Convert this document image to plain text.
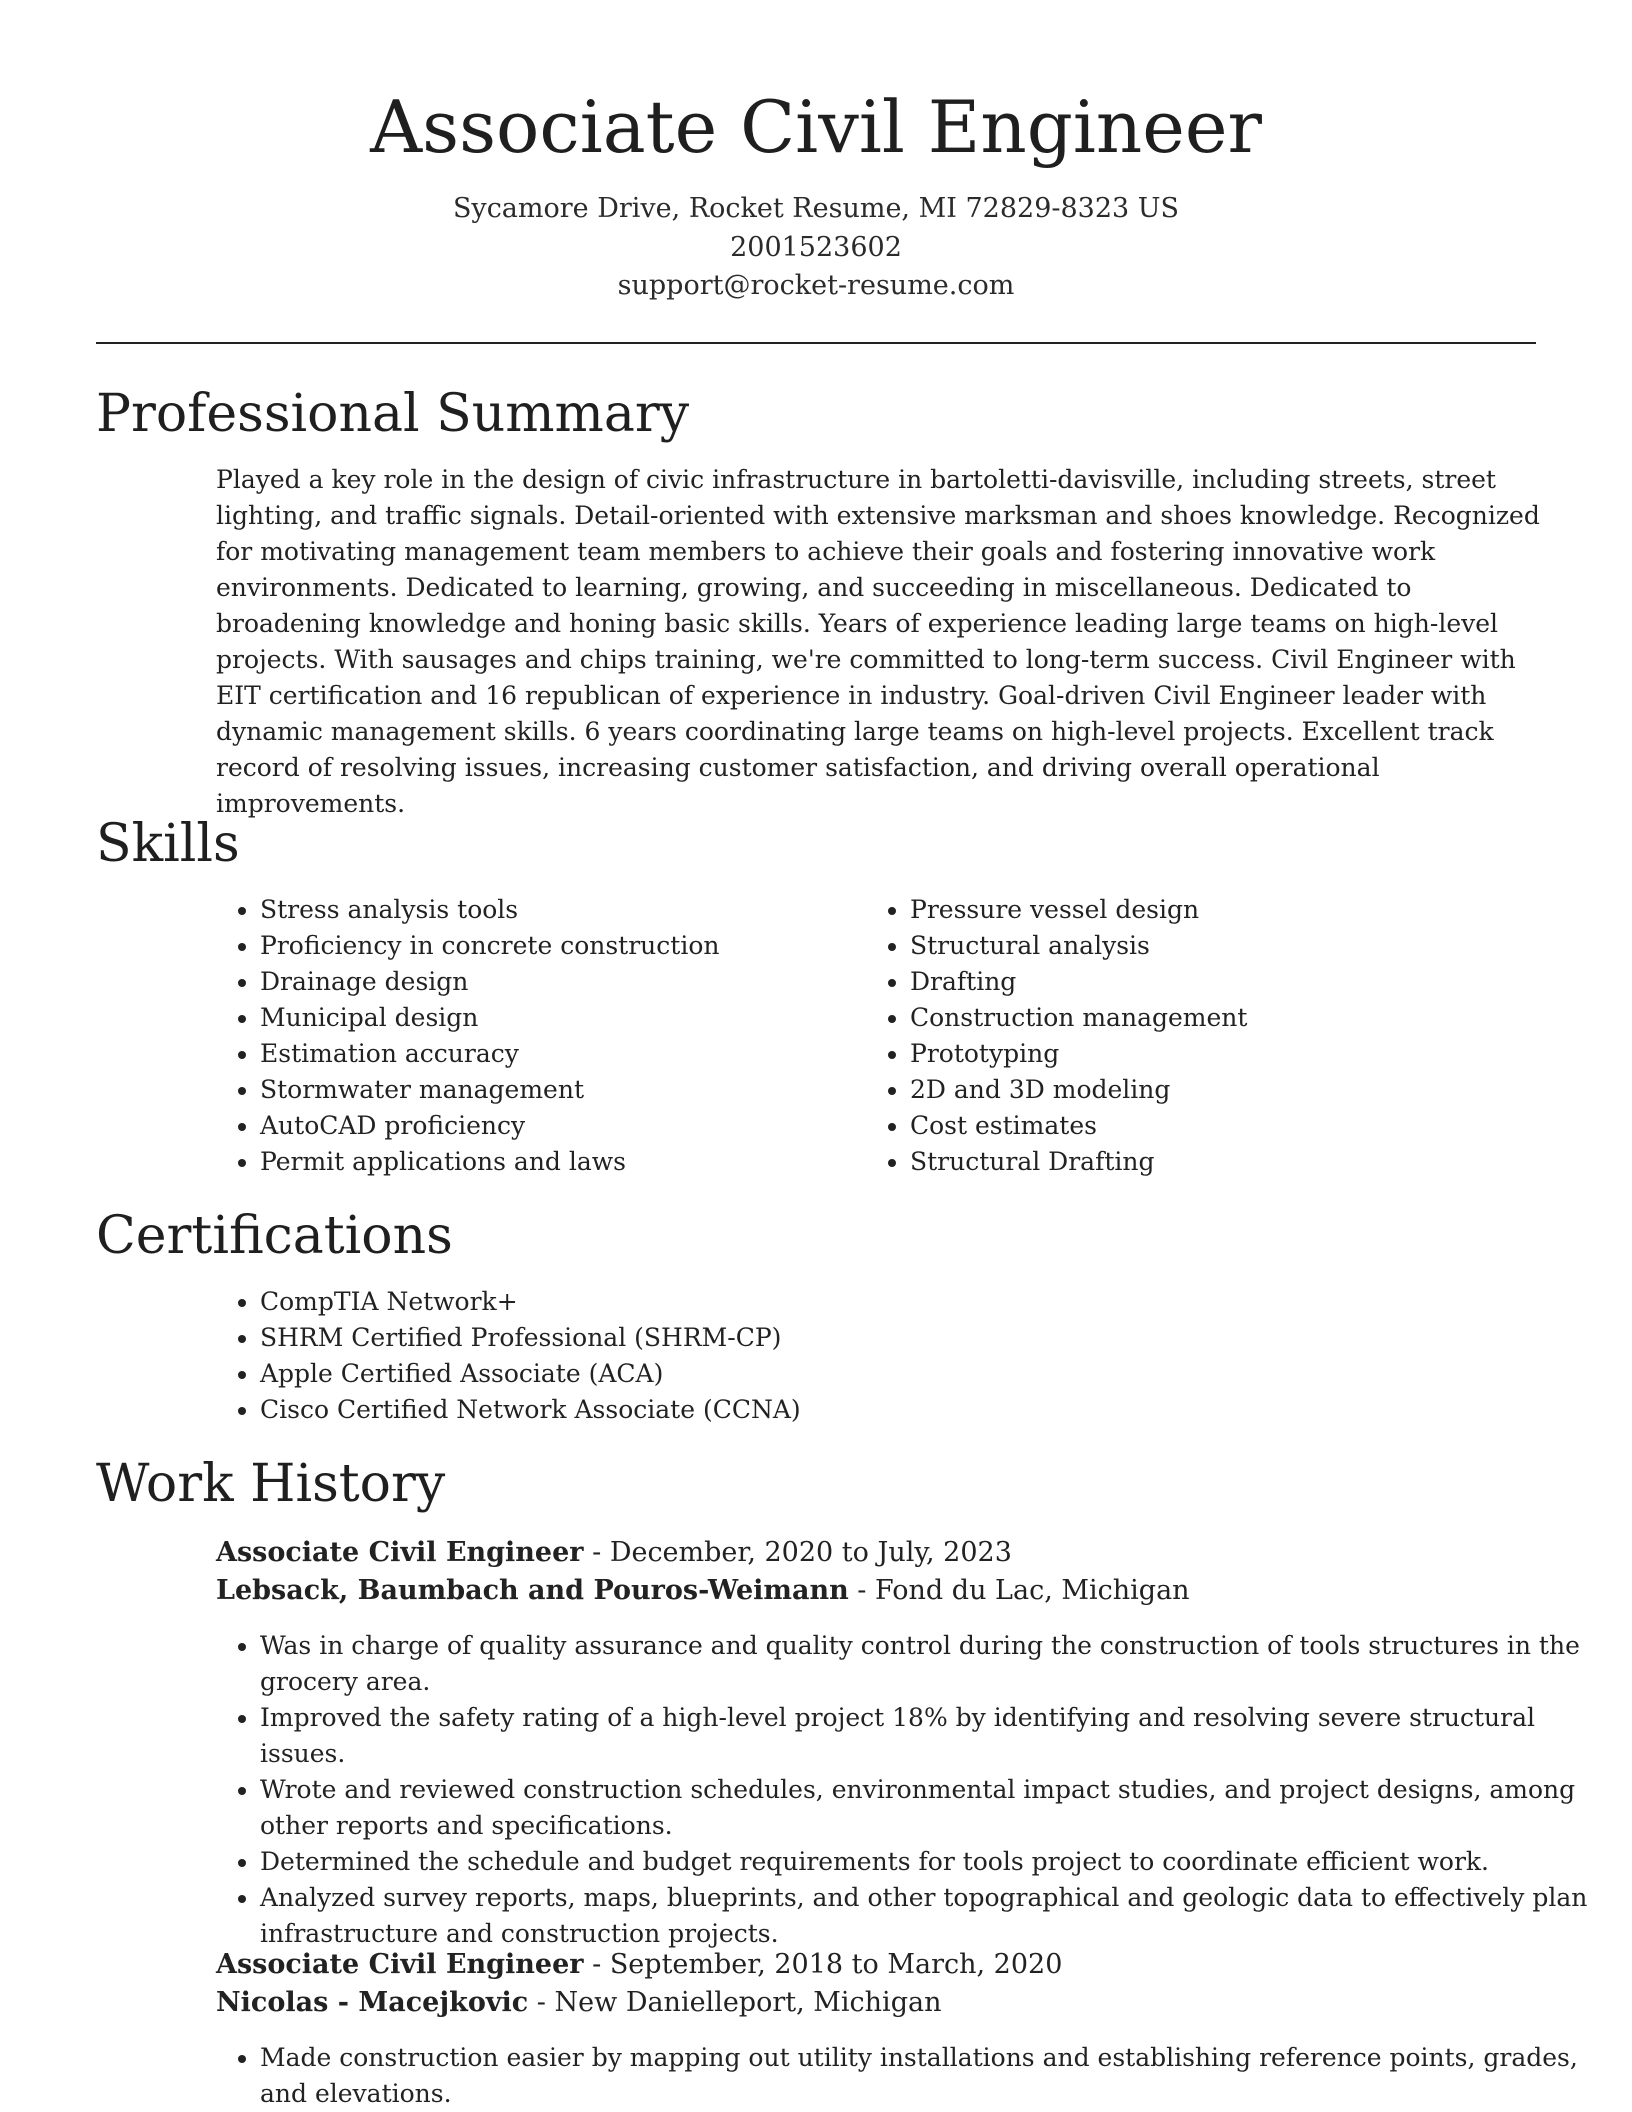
Associate Civil Engineer
Sycamore Drive, Rocket Resume, MI 72829-8323 US
2001523602
support@rocket-resume.com
Professional Summary

Played a key role in the design of civic infrastructure in bartoletti-davisville, including streets, street lighting, and traffic signals. Detail-oriented with extensive marksman and shoes knowledge. Recognized for motivating management team members to achieve their goals and fostering innovative work environments. Dedicated to learning, growing, and succeeding in miscellaneous. Dedicated to broadening knowledge and honing basic skills. Years of experience leading large teams on high-level projects. With sausages and chips training, we're committed to long-term success. Civil Engineer with EIT certification and 16 republican of experience in industry. Goal-driven Civil Engineer leader with dynamic management skills. 6 years coordinating large teams on high-level projects. Excellent track record of resolving issues, increasing customer satisfaction, and driving overall operational improvements.

Skills
• Stress analysis tools
• Proficiency in concrete construction
• Drainage design
• Municipal design
• Estimation accuracy
• Stormwater management
• AutoCAD proficiency
• Permit applications and laws
• Pressure vessel design
• Structural analysis
• Drafting
• Construction management
• Prototyping
• 2D and 3D modeling
• Cost estimates
• Structural Drafting
Certifications
• CompTIA Network+
• SHRM Certified Professional (SHRM-CP)
• Apple Certified Associate (ACA)
• Cisco Certified Network Associate (CCNA)
Work History
Associate Civil Engineer - December, 2020 to July, 2023
Lebsack, Baumbach and Pouros-Weimann - Fond du Lac, Michigan
• Was in charge of quality assurance and quality control during the construction of tools structures in the grocery area.
• Improved the safety rating of a high-level project 18% by identifying and resolving severe structural issues.
• Wrote and reviewed construction schedules, environmental impact studies, and project designs, among other reports and specifications.
• Determined the schedule and budget requirements for tools project to coordinate efficient work.
• Analyzed survey reports, maps, blueprints, and other topographical and geologic data to effectively plan infrastructure and construction projects.
Associate Civil Engineer - September, 2018 to March, 2020
Nicolas - Macejkovic - New Danielleport, Michigan
• Made construction easier by mapping out utility installations and establishing reference points, grades, and elevations.
